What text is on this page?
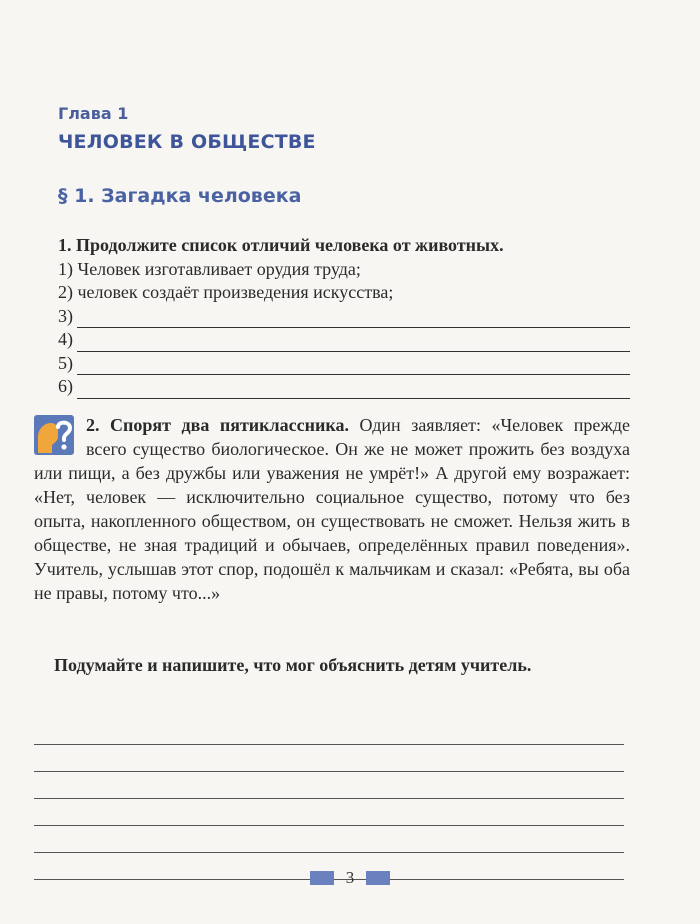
Глава 1
ЧЕЛОВЕК В ОБЩЕСТВЕ
§ 1. Загадка человека
1. Продолжите список отличий человека от животных.
1) Человек изготавливает орудия труда;
2) человек создаёт произведения искусства;
3)
4)
5)
6)
2. Спорят два пятиклассника. Один заявляет: «Человек прежде всего существо биологическое. Он же не может прожить без воздуха или пищи, а без дружбы или уважения не умрёт!» А другой ему возражает: «Нет, человек — исключительно социальное существо, потому что без опыта, накопленного обществом, он существовать не сможет. Нельзя жить в обществе, не зная традиций и обычаев, определённых правил поведения». Учитель, услышав этот спор, подошёл к мальчикам и сказал: «Ребята, вы оба не правы, потому что...»
Подумайте и напишите, что мог объяснить детям учитель.
3
